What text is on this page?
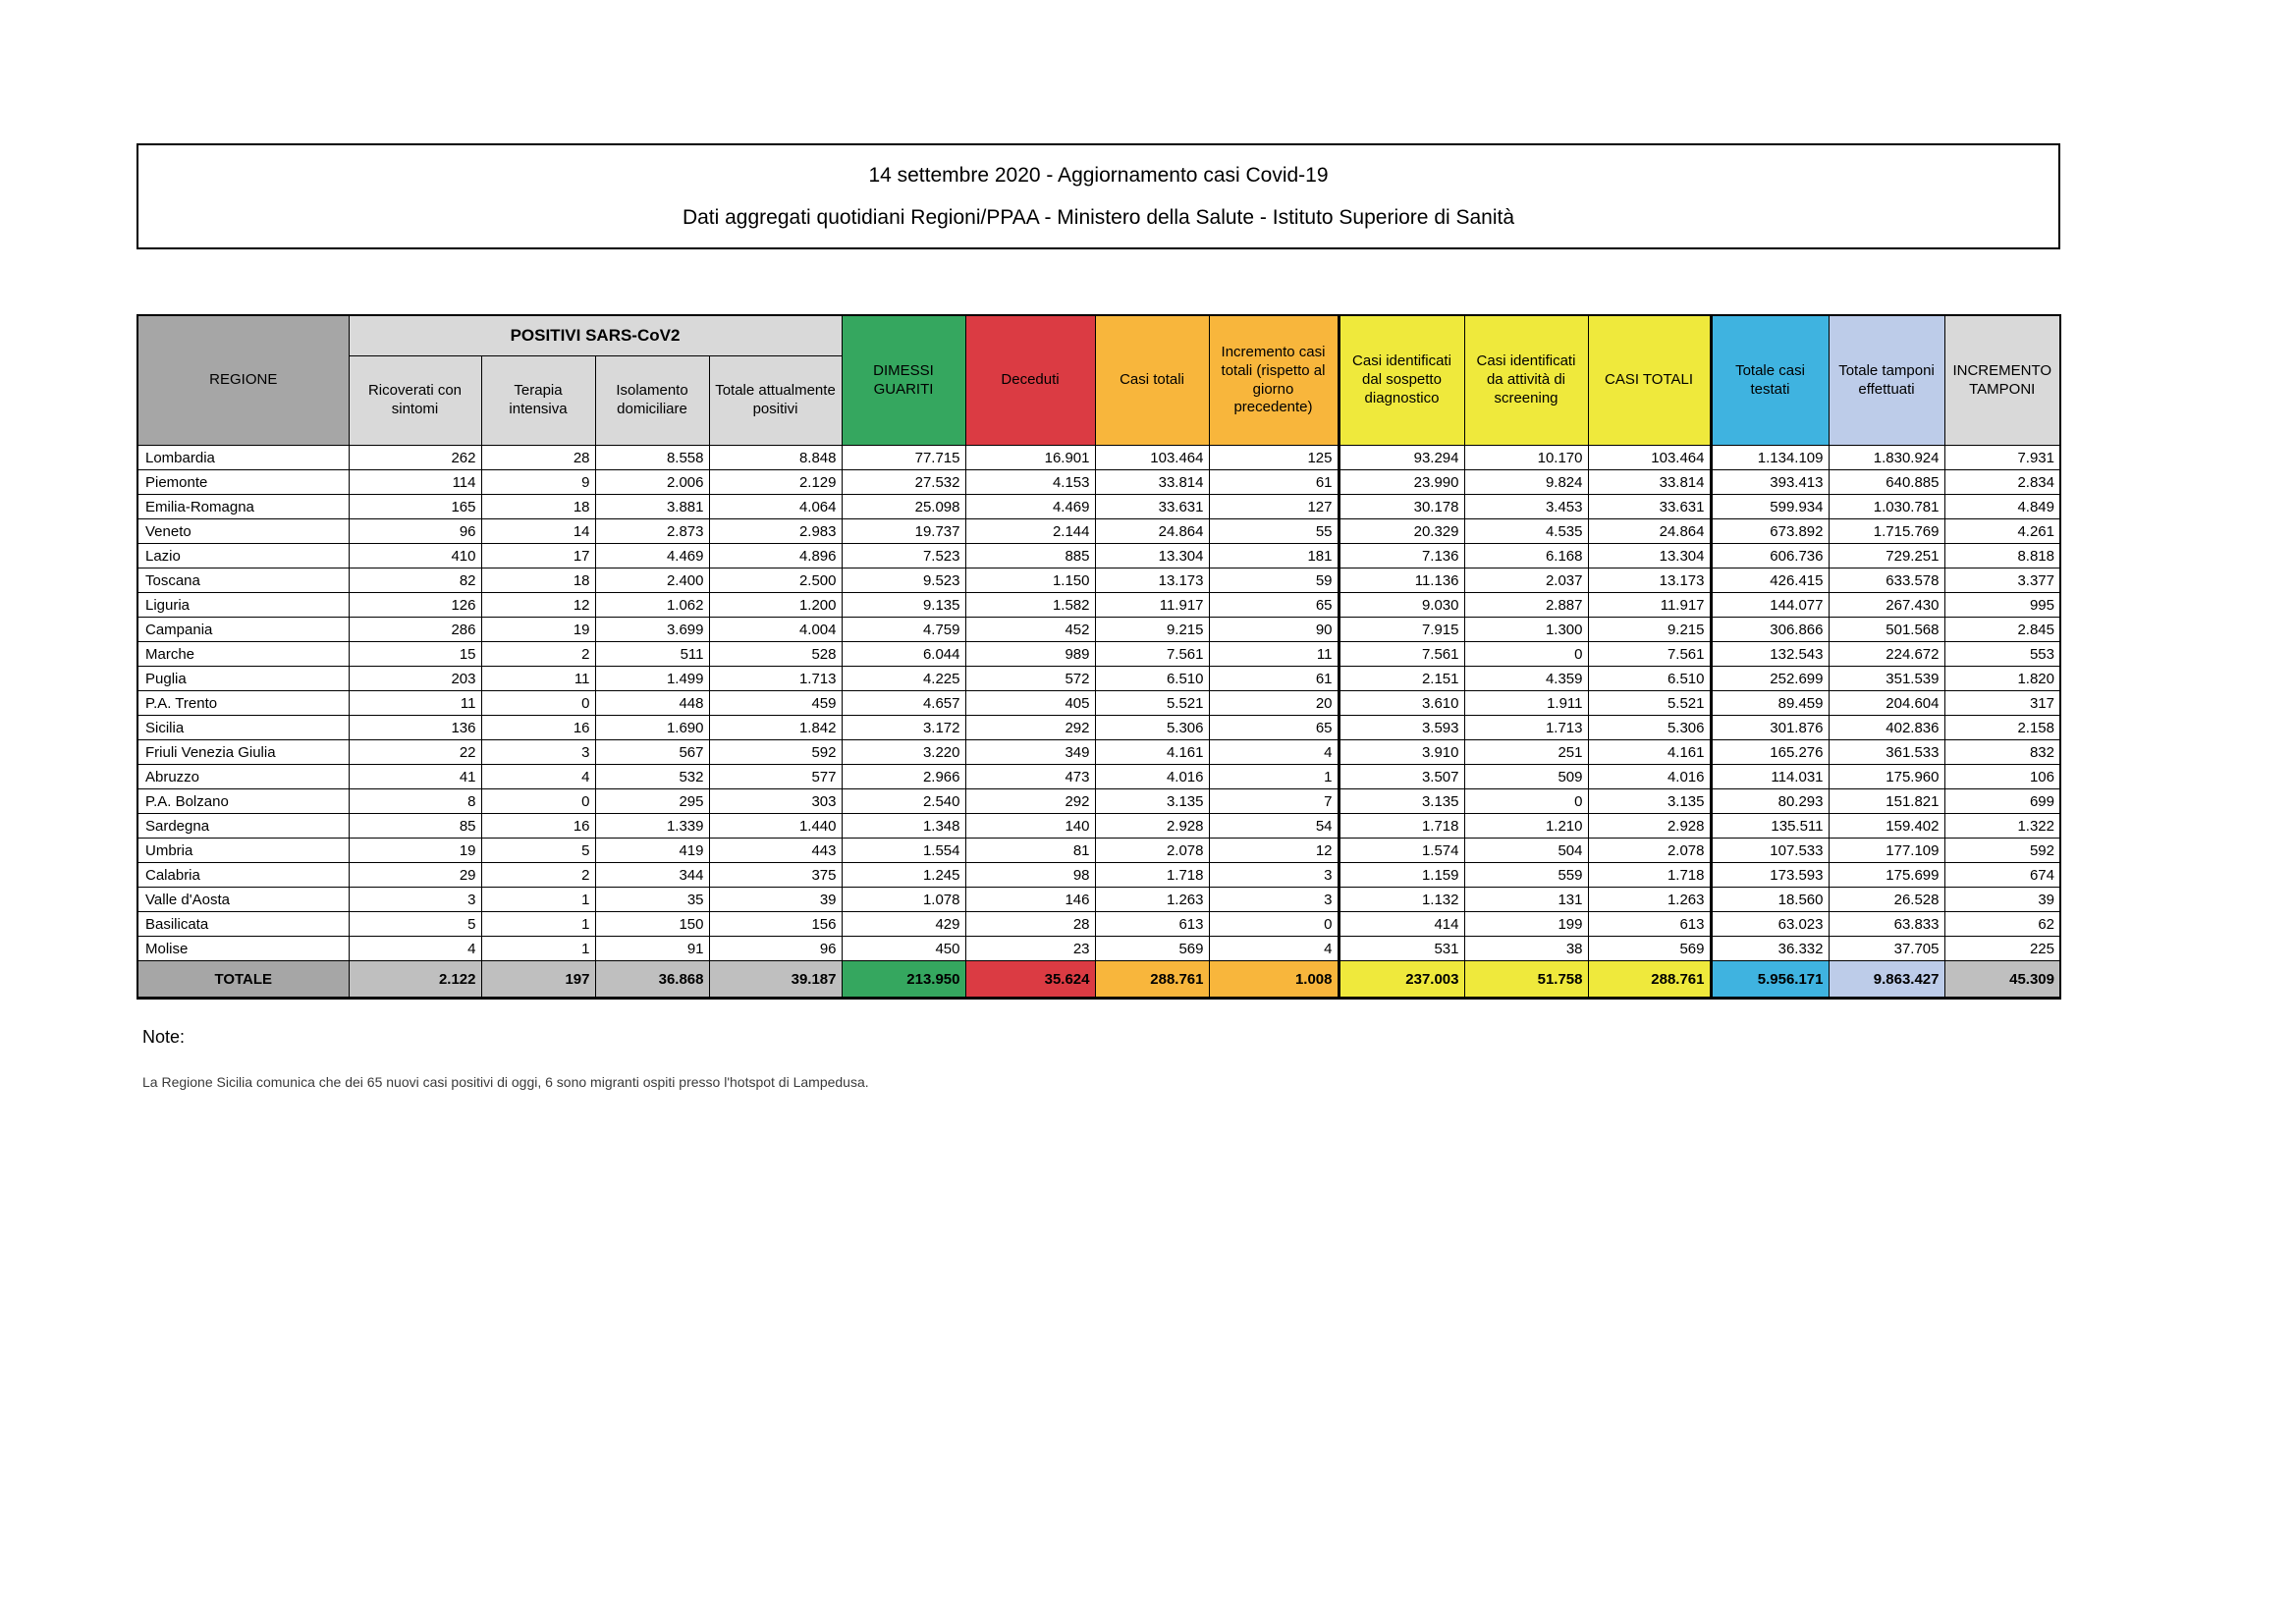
14 settembre 2020 - Aggiornamento casi Covid-19
Dati aggregati quotidiani Regioni/PPAA - Ministero della Salute - Istituto Superiore di Sanità
REGIONE	POSITIVI SARS-CoV2				DIMESSI GUARITI	Deceduti	Casi totali	Incremento casi totali (rispetto al giorno precedente)	Casi identificati dal sospetto diagnostico	Casi identificati da attività di screening	CASI TOTALI	Totale casi testati	Totale tamponi effettuati	INCREMENTO TAMPONI
	Ricoverati con sintomi	Terapia intensiva	Isolamento domiciliare	Totale attualmente positivi										
Lombardia	262	28	8.558	8.848	77.715	16.901	103.464	125	93.294	10.170	103.464	1.134.109	1.830.924	7.931
Piemonte	114	9	2.006	2.129	27.532	4.153	33.814	61	23.990	9.824	33.814	393.413	640.885	2.834
Emilia-Romagna	165	18	3.881	4.064	25.098	4.469	33.631	127	30.178	3.453	33.631	599.934	1.030.781	4.849
Veneto	96	14	2.873	2.983	19.737	2.144	24.864	55	20.329	4.535	24.864	673.892	1.715.769	4.261
Lazio	410	17	4.469	4.896	7.523	885	13.304	181	7.136	6.168	13.304	606.736	729.251	8.818
Toscana	82	18	2.400	2.500	9.523	1.150	13.173	59	11.136	2.037	13.173	426.415	633.578	3.377
Liguria	126	12	1.062	1.200	9.135	1.582	11.917	65	9.030	2.887	11.917	144.077	267.430	995
Campania	286	19	3.699	4.004	4.759	452	9.215	90	7.915	1.300	9.215	306.866	501.568	2.845
Marche	15	2	511	528	6.044	989	7.561	11	7.561	0	7.561	132.543	224.672	553
Puglia	203	11	1.499	1.713	4.225	572	6.510	61	2.151	4.359	6.510	252.699	351.539	1.820
P.A. Trento	11	0	448	459	4.657	405	5.521	20	3.610	1.911	5.521	89.459	204.604	317
Sicilia	136	16	1.690	1.842	3.172	292	5.306	65	3.593	1.713	5.306	301.876	402.836	2.158
Friuli Venezia Giulia	22	3	567	592	3.220	349	4.161	4	3.910	251	4.161	165.276	361.533	832
Abruzzo	41	4	532	577	2.966	473	4.016	1	3.507	509	4.016	114.031	175.960	106
P.A. Bolzano	8	0	295	303	2.540	292	3.135	7	3.135	0	3.135	80.293	151.821	699
Sardegna	85	16	1.339	1.440	1.348	140	2.928	54	1.718	1.210	2.928	135.511	159.402	1.322
Umbria	19	5	419	443	1.554	81	2.078	12	1.574	504	2.078	107.533	177.109	592
Calabria	29	2	344	375	1.245	98	1.718	3	1.159	559	1.718	173.593	175.699	674
Valle d'Aosta	3	1	35	39	1.078	146	1.263	3	1.132	131	1.263	18.560	26.528	39
Basilicata	5	1	150	156	429	28	613	0	414	199	613	63.023	63.833	62
Molise	4	1	91	96	450	23	569	4	531	38	569	36.332	37.705	225
TOTALE	2.122	197	36.868	39.187	213.950	35.624	288.761	1.008	237.003	51.758	288.761	5.956.171	9.863.427	45.309
Note:
La Regione Sicilia comunica che dei 65 nuovi casi positivi di oggi, 6 sono migranti ospiti presso l'hotspot di Lampedusa.
